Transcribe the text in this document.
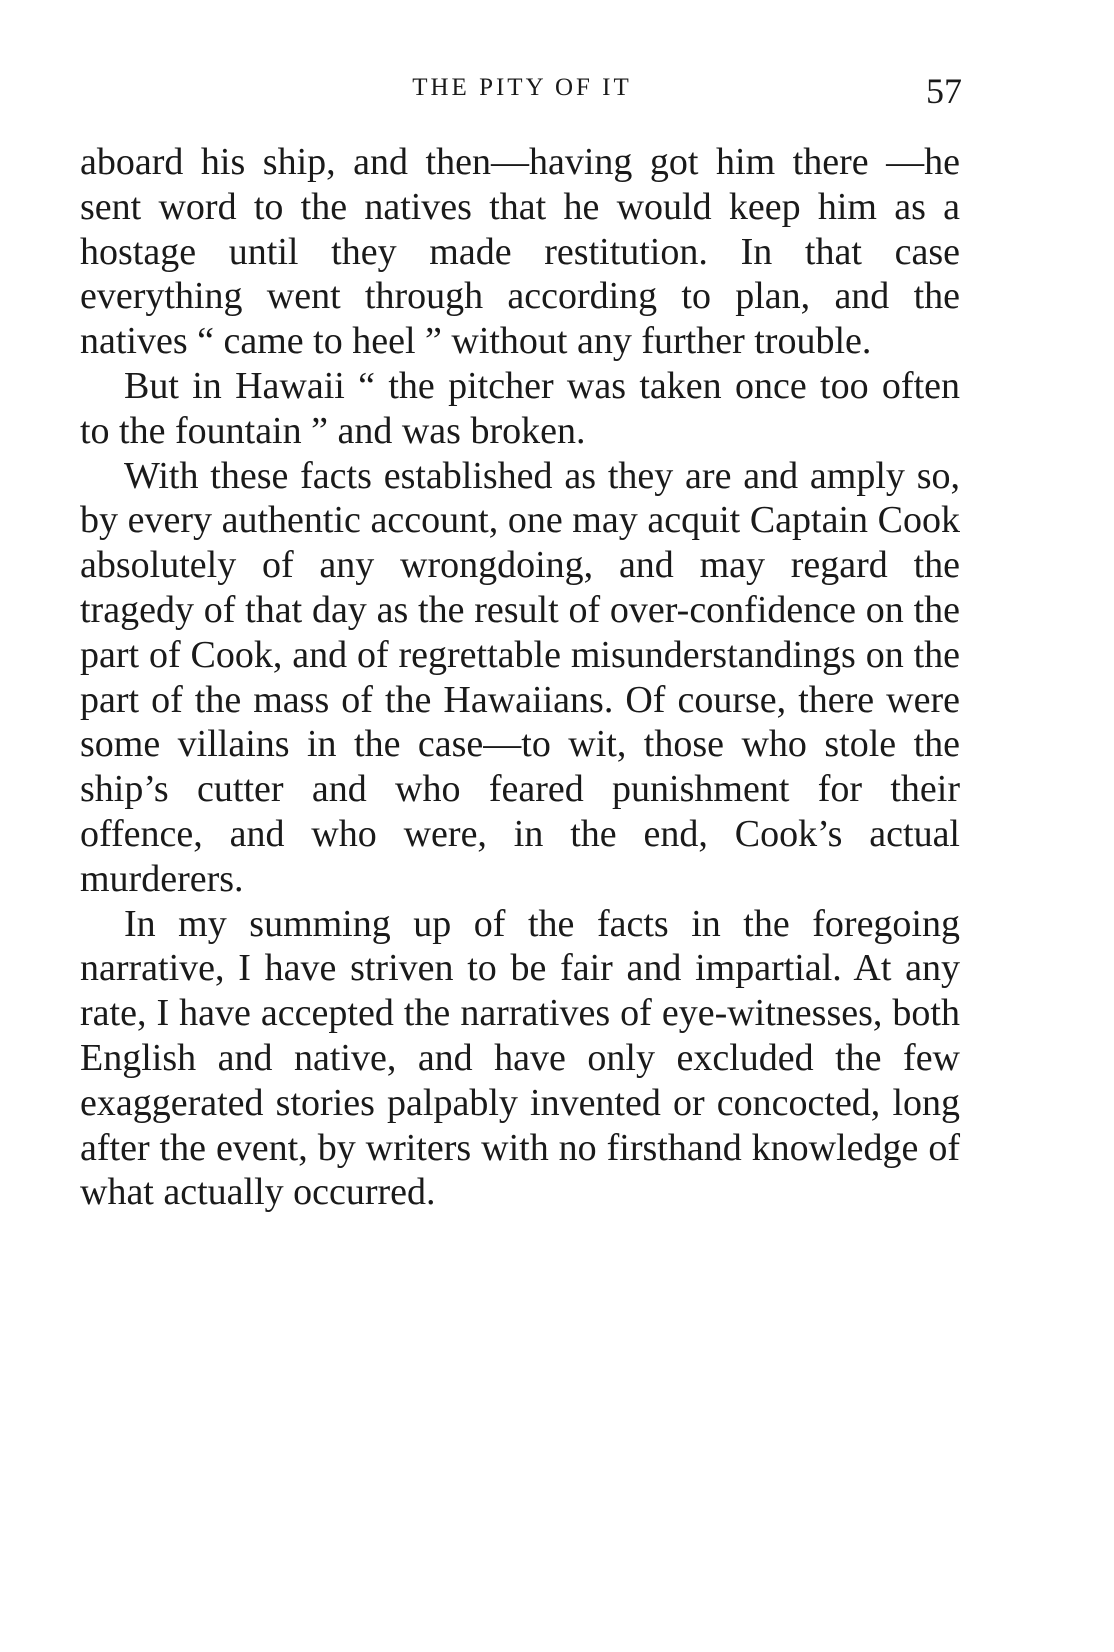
THE PITY OF IT	57

aboard his ship, and then—having got him there —he sent word to the natives that he would keep him as a hostage until they made restitution. In that case everything went through according to plan, and the natives “ came to heel ” without any further trouble.

But in Hawaii “ the pitcher was taken once too often to the fountain ” and was broken.

With these facts established as they are and amply so, by every authentic account, one may acquit Captain Cook absolutely of any wrongdoing, and may regard the tragedy of that day as the result of over-confidence on the part of Cook, and of regrettable misunderstandings on the part of the mass of the Hawaiians. Of course, there were some villains in the case—to wit, those who stole the ship’s cutter and who feared punishment for their offence, and who were, in the end, Cook’s actual murderers.

In my summing up of the facts in the foregoing narrative, I have striven to be fair and impartial. At any rate, I have accepted the narratives of eye-witnesses, both English and native, and have only excluded the few exaggerated stories palpably invented or concocted, long after the event, by writers with no firsthand knowledge of what actually occurred.
